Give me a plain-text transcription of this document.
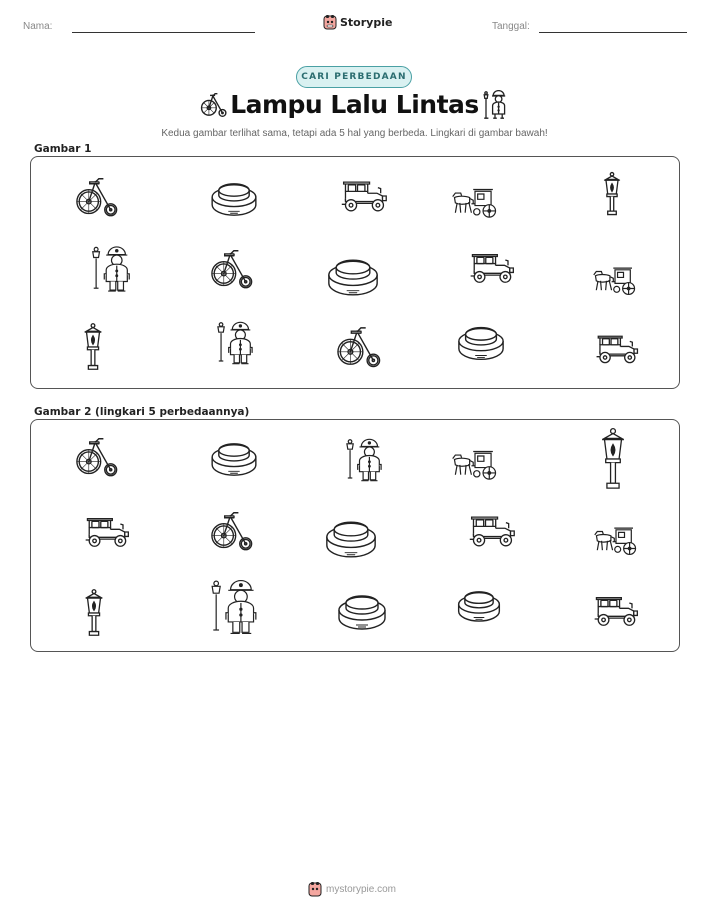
Nama:	Storypie	Tanggal:
CARI PERBEDAAN
Lampu Lalu Lintas
Kedua gambar terlihat sama, tetapi ada 5 hal yang berbeda. Lingkari di gambar bawah!
Gambar 1
Gambar 2 (lingkari 5 perbedaannya)
mystorypie.com
